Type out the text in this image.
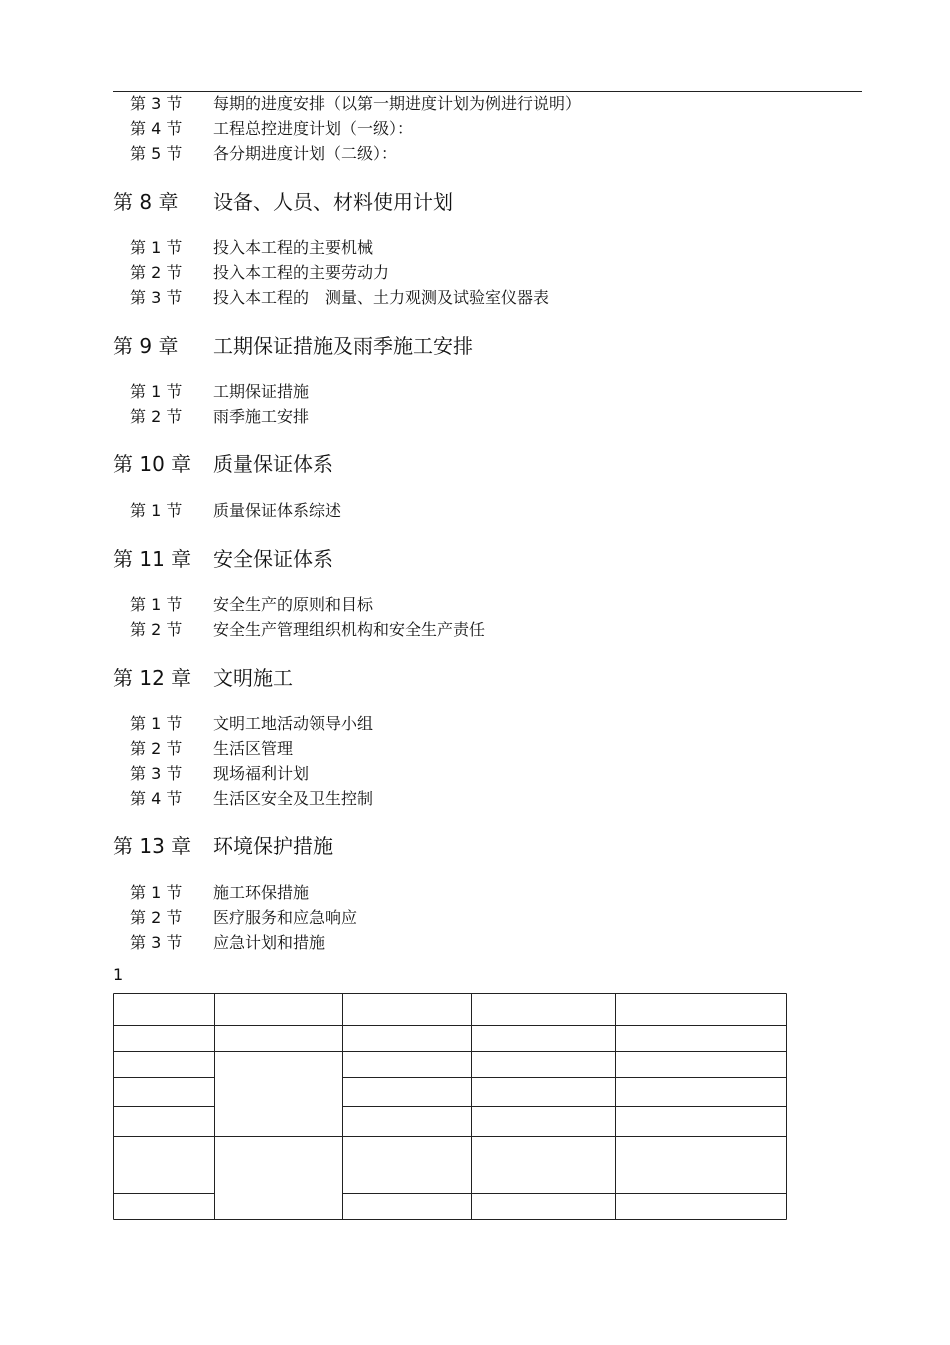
第 3 节 每期的进度安排（以第一期进度计划为例进行说明）
第 4 节 工程总控进度计划（一级）：
第 5 节 各分期进度计划（二级）：
第 8 章 设备、人员、材料使用计划
第 1 节 投入本工程的主要机械
第 2 节 投入本工程的主要劳动力
第 3 节 投入本工程的　测量、土力观测及试验室仪器表
第 9 章 工期保证措施及雨季施工安排
第 1 节 工期保证措施
第 2 节 雨季施工安排
第 10 章 质量保证体系
第 1 节 质量保证体系综述
第 11 章 安全保证体系
第 1 节 安全生产的原则和目标
第 2 节 安全生产管理组织机构和安全生产责任
第 12 章 文明施工
第 1 节 文明工地活动领导小组
第 2 节 生活区管理
第 3 节 现场福利计划
第 4 节 生活区安全及卫生控制
第 13 章 环境保护措施
第 1 节 施工环保措施
第 2 节 医疗服务和应急响应
第 3 节 应急计划和措施
1
